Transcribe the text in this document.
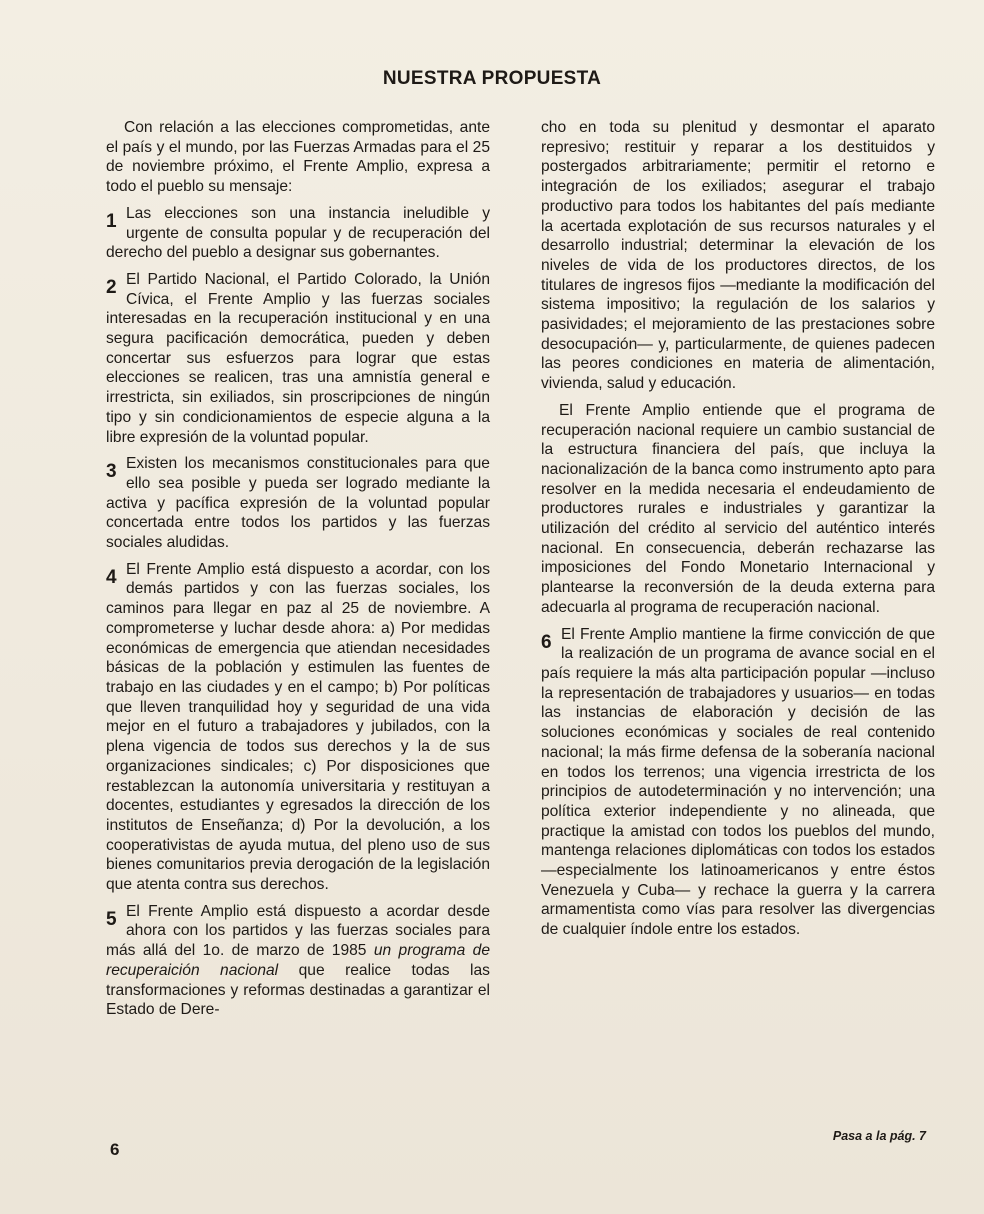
NUESTRA PROPUESTA

Con relación a las elecciones comprometidas, ante el país y el mundo, por las Fuerzas Armadas para el 25 de noviembre próximo, el Frente Amplio, expresa a todo el pueblo su mensaje:

1 Las elecciones son una instancia ineludible y urgente de consulta popular y de recuperación del derecho del pueblo a designar sus gobernantes.

2 El Partido Nacional, el Partido Colorado, la Unión Cívica, el Frente Amplio y las fuerzas sociales interesadas en la recuperación institucional y en una segura pacificación democrática, pueden y deben concertar sus esfuerzos para lograr que estas elecciones se realicen, tras una amnistía general e irrestricta, sin exiliados, sin proscripciones de ningún tipo y sin condicionamientos de especie alguna a la libre expresión de la voluntad popular.

3 Existen los mecanismos constitucionales para que ello sea posible y pueda ser logrado mediante la activa y pacífica expresión de la voluntad popular concertada entre todos los partidos y las fuerzas sociales aludidas.

4 El Frente Amplio está dispuesto a acordar, con los demás partidos y con las fuerzas sociales, los caminos para llegar en paz al 25 de noviembre. A comprometerse y luchar desde ahora: a) Por medidas económicas de emergencia que atiendan necesidades básicas de la población y estimulen las fuentes de trabajo en las ciudades y en el campo; b) Por políticas que lleven tranquilidad hoy y seguridad de una vida mejor en el futuro a trabajadores y jubilados, con la plena vigencia de todos sus derechos y la de sus organizaciones sindicales; c) Por disposiciones que restablezcan la autonomía universitaria y restituyan a docentes, estudiantes y egresados la dirección de los institutos de Enseñanza; d) Por la devolución, a los cooperativistas de ayuda mutua, del pleno uso de sus bienes comunitarios previa derogación de la legislación que atenta contra sus derechos.

5 El Frente Amplio está dispuesto a acordar desde ahora con los partidos y las fuerzas sociales para más allá del 1o. de marzo de 1985 un programa de recuperaición nacional que realice todas las transformaciones y reformas destinadas a garantizar el Estado de Dere-

cho en toda su plenitud y desmontar el aparato represivo; restituir y reparar a los destituidos y postergados arbitrariamente; permitir el retorno e integración de los exiliados; asegurar el trabajo productivo para todos los habitantes del país mediante la acertada explotación de sus recursos naturales y el desarrollo industrial; determinar la elevación de los niveles de vida de los productores directos, de los titulares de ingresos fijos —mediante la modificación del sistema impositivo; la regulación de los salarios y pasividades; el mejoramiento de las prestaciones sobre desocupación— y, particularmente, de quienes padecen las peores condiciones en materia de alimentación, vivienda, salud y educación.

El Frente Amplio entiende que el programa de recuperación nacional requiere un cambio sustancial de la estructura financiera del país, que incluya la nacionalización de la banca como instrumento apto para resolver en la medida necesaria el endeudamiento de productores rurales e industriales y garantizar la utilización del crédito al servicio del auténtico interés nacional. En consecuencia, deberán rechazarse las imposiciones del Fondo Monetario Internacional y plantearse la reconversión de la deuda externa para adecuarla al programa de recuperación nacional.

6 El Frente Amplio mantiene la firme convicción de que la realización de un programa de avance social en el país requiere la más alta participación popular —incluso la representación de trabajadores y usuarios— en todas las instancias de elaboración y decisión de las soluciones económicas y sociales de real contenido nacional; la más firme defensa de la soberanía nacional en todos los terrenos; una vigencia irrestricta de los principios de autodeterminación y no intervención; una política exterior independiente y no alineada, que practique la amistad con todos los pueblos del mundo, mantenga relaciones diplomáticas con todos los estados —especialmente los latinoamericanos y entre éstos Venezuela y Cuba— y rechace la guerra y la carrera armamentista como vías para resolver las divergencias de cualquier índole entre los estados.

Pasa a la pág. 7
6
